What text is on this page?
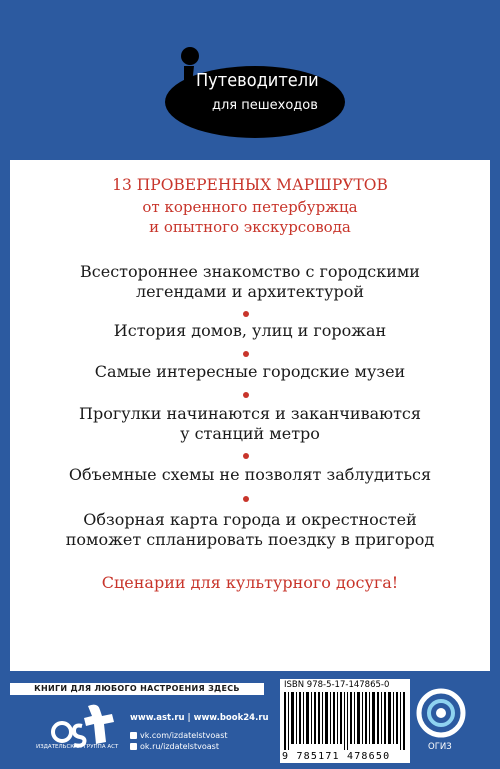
Путеводители
для пешеходов
13 ПРОВЕРЕННЫХ МАРШРУТОВ
от коренного петербуржца
и опытного экскурсовода
Всестороннее знакомство с городскими
легендами и архитектурой
История домов, улиц и горожан
Самые интересные городские музеи
Прогулки начинаются и заканчиваются
у станций метро
Объемные схемы не позволят заблудиться
Обзорная карта города и окрестностей
поможет спланировать поездку в пригород
Сценарии для культурного досуга!
КНИГИ ДЛЯ ЛЮБОГО НАСТРОЕНИЯ ЗДЕСЬ
ИЗДАТЕЛЬСКАЯ ГРУППА АСТ
www.ast.ru | www.book24.ru
vk.com/izdatelstvoast
ok.ru/izdatelstvoast
ISBN 978-5-17-147865-0
9 785171 478650
ОГИЗ
